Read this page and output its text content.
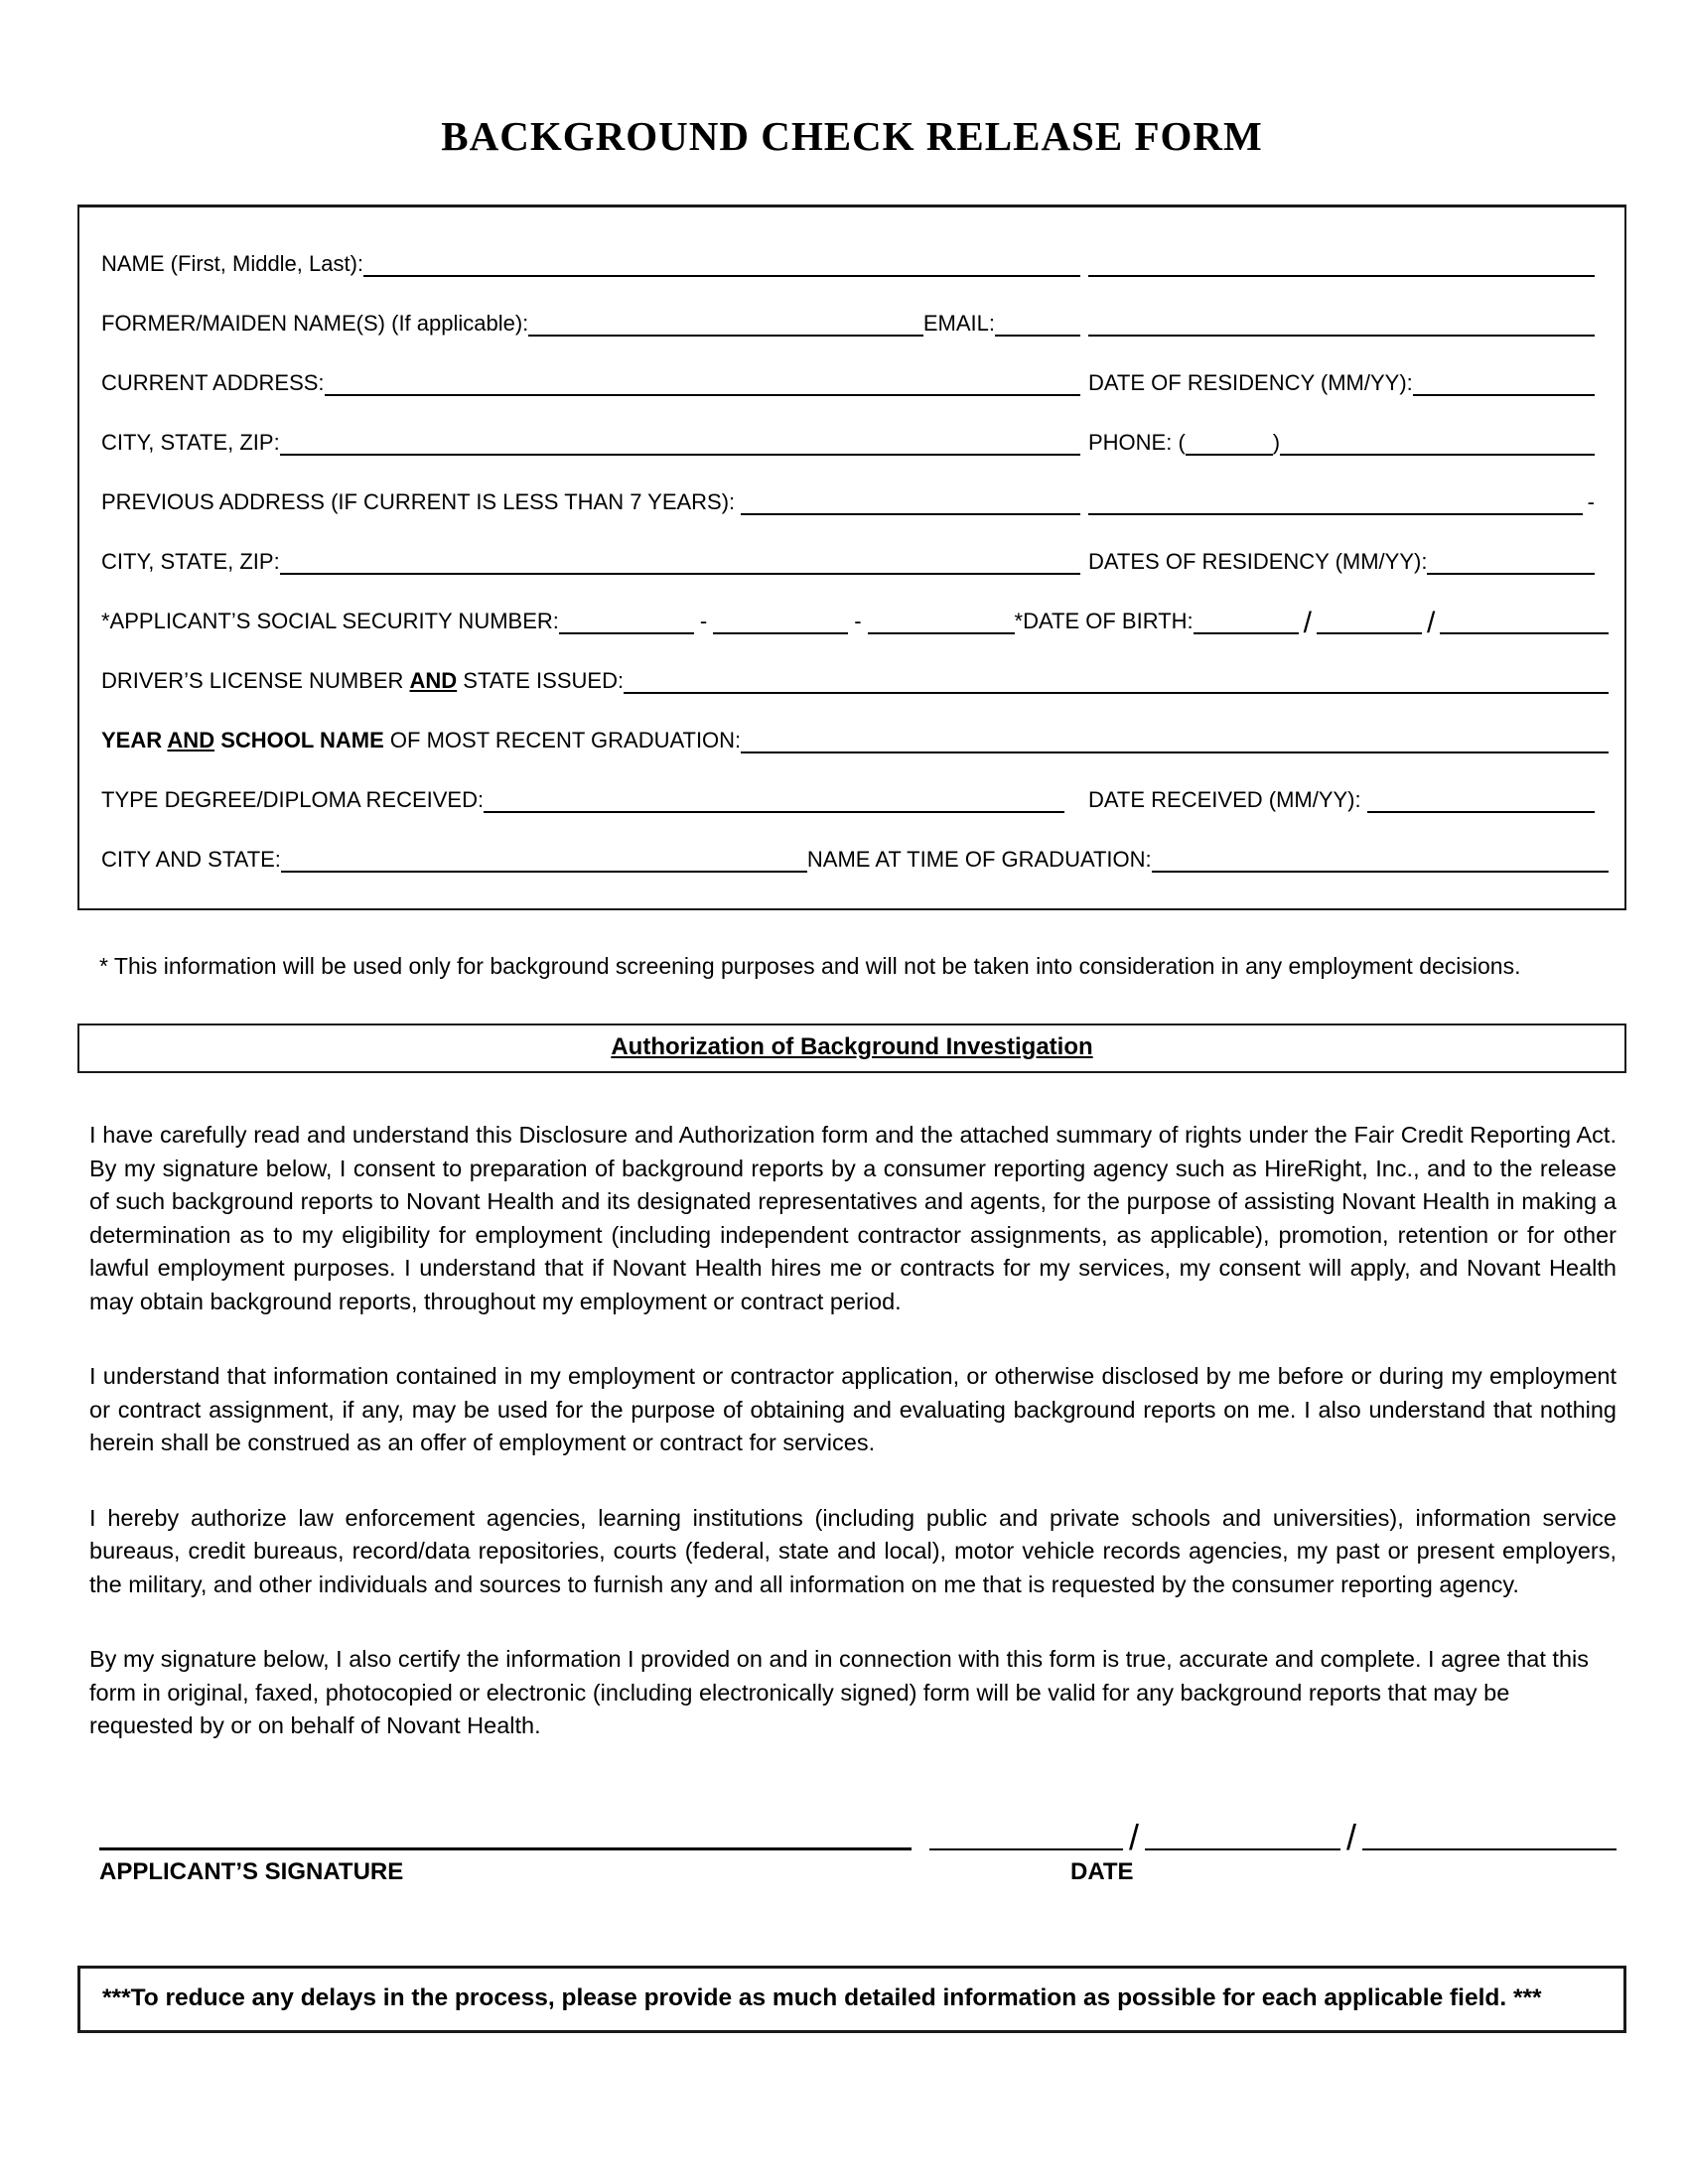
BACKGROUND CHECK RELEASE FORM
NAME (First, Middle, Last):
FORMER/MAIDEN NAME(S) (If applicable):	EMAIL:
CURRENT ADDRESS:	DATE OF RESIDENCY (MM/YY):
CITY, STATE, ZIP:	PHONE: (	)
PREVIOUS ADDRESS (IF CURRENT IS LESS THAN 7 YEARS):	-
CITY, STATE, ZIP:	DATES OF RESIDENCY (MM/YY):
*APPLICANT’S SOCIAL SECURITY NUMBER:	-	-	*DATE OF BIRTH:	/	/
DRIVER’S LICENSE NUMBER AND STATE ISSUED:
YEAR AND SCHOOL NAME OF MOST RECENT GRADUATION:
TYPE DEGREE/DIPLOMA RECEIVED:	DATE RECEIVED (MM/YY):
CITY AND STATE:	NAME AT TIME OF GRADUATION:
* This information will be used only for background screening purposes and will not be taken into consideration in any employment decisions.
Authorization of Background Investigation

I have carefully read and understand this Disclosure and Authorization form and the attached summary of rights under the Fair Credit Reporting Act. By my signature below, I consent to preparation of background reports by a consumer reporting agency such as HireRight, Inc., and to the release of such background reports to Novant Health and its designated representatives and agents, for the purpose of assisting Novant Health in making a determination as to my eligibility for employment (including independent contractor assignments, as applicable), promotion, retention or for other lawful employment purposes. I understand that if Novant Health hires me or contracts for my services, my consent will apply, and Novant Health may obtain background reports, throughout my employment or contract period.

I understand that information contained in my employment or contractor application, or otherwise disclosed by me before or during my employment or contract assignment, if any, may be used for the purpose of obtaining and evaluating background reports on me. I also understand that nothing herein shall be construed as an offer of employment or contract for services.

I hereby authorize law enforcement agencies, learning institutions (including public and private schools and universities), information service bureaus, credit bureaus, record/data repositories, courts (federal, state and local), motor vehicle records agencies, my past or present employers, the military, and other individuals and sources to furnish any and all information on me that is requested by the consumer reporting agency.

By my signature below, I also certify the information I provided on and in connection with this form is true, accurate and complete. I agree that this form in original, faxed, photocopied or electronic (including electronically signed) form will be valid for any background reports that may be requested by or on behalf of Novant Health.

/	/
APPLICANT’S SIGNATURE	DATE
***To reduce any delays in the process, please provide as much detailed information as possible for each applicable field. ***
